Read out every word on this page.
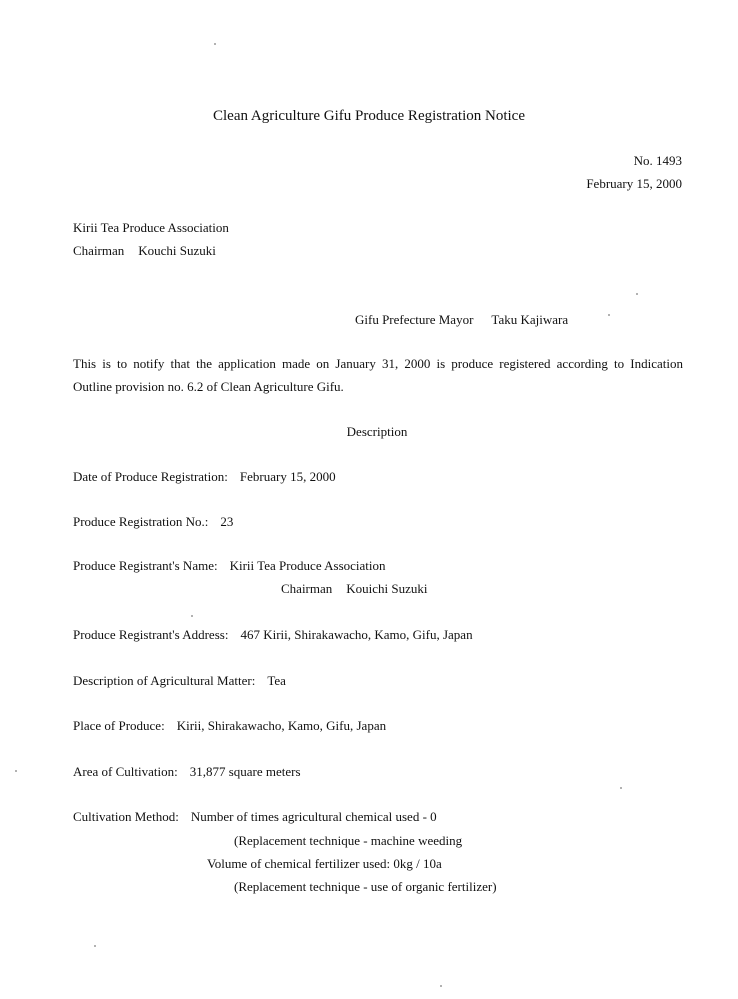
Clean Agriculture Gifu Produce Registration Notice
No. 1493
February 15, 2000
Kirii Tea Produce Association
Chairman Kouchi Suzuki
Gifu Prefecture Mayor Taku Kajiwara
This is to notify that the application made on January 31, 2000 is produce registered according to Indication
Outline provision no. 6.2 of Clean Agriculture Gifu.
Description
Date of Produce Registration: February 15, 2000
Produce Registration No.: 23
Produce Registrant's Name: Kirii Tea Produce Association
Chairman Kouichi Suzuki
Produce Registrant's Address: 467 Kirii, Shirakawacho, Kamo, Gifu, Japan
Description of Agricultural Matter: Tea
Place of Produce: Kirii, Shirakawacho, Kamo, Gifu, Japan
Area of Cultivation: 31,877 square meters
Cultivation Method: Number of times agricultural chemical used - 0
(Replacement technique - machine weeding
Volume of chemical fertilizer used: 0kg / 10a
(Replacement technique - use of organic fertilizer)
